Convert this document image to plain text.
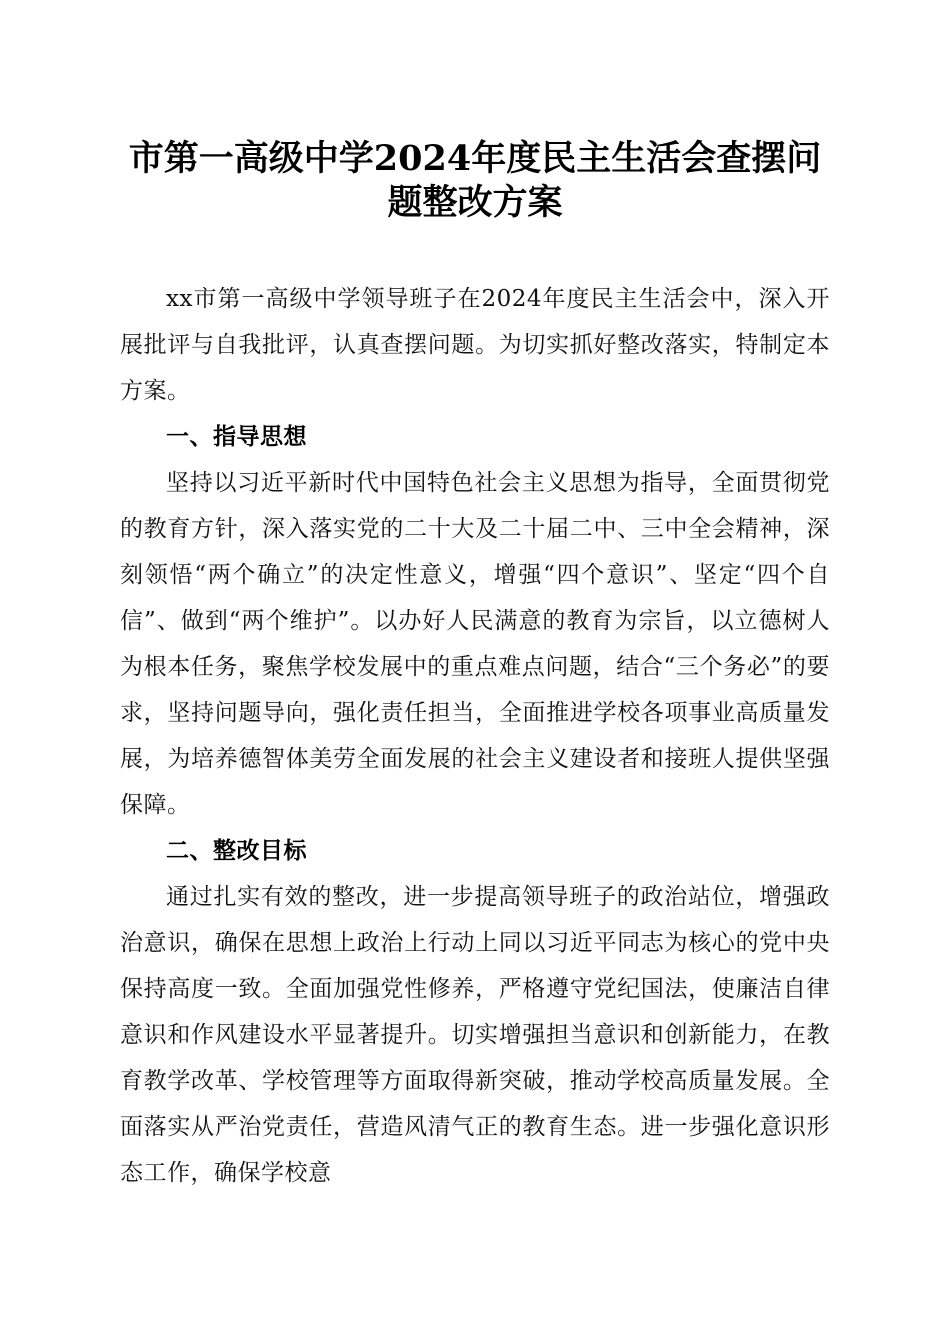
市第一高级中学2024年度民主生活会查摆问题整改方案

xx市第一高级中学领导班子在2024年度民主生活会中，深入开展批评与自我批评，认真查摆问题。为切实抓好整改落实，特制定本方案。

一、指导思想

坚持以习近平新时代中国特色社会主义思想为指导，全面贯彻党的教育方针，深入落实党的二十大及二十届二中、三中全会精神，深刻领悟“两个确立”的决定性意义，增强“四个意识”、坚定“四个自信”、做到“两个维护”。以办好人民满意的教育为宗旨，以立德树人为根本任务，聚焦学校发展中的重点难点问题，结合“三个务必”的要求，坚持问题导向，强化责任担当，全面推进学校各项事业高质量发展，为培养德智体美劳全面发展的社会主义建设者和接班人提供坚强保障。

二、整改目标

通过扎实有效的整改，进一步提高领导班子的政治站位，增强政治意识，确保在思想上政治上行动上同以习近平同志为核心的党中央保持高度一致。全面加强党性修养，严格遵守党纪国法，使廉洁自律意识和作风建设水平显著提升。切实增强担当意识和创新能力，在教育教学改革、学校管理等方面取得新突破，推动学校高质量发展。全面落实从严治党责任，营造风清气正的教育生态。进一步强化意识形态工作，确保学校意
